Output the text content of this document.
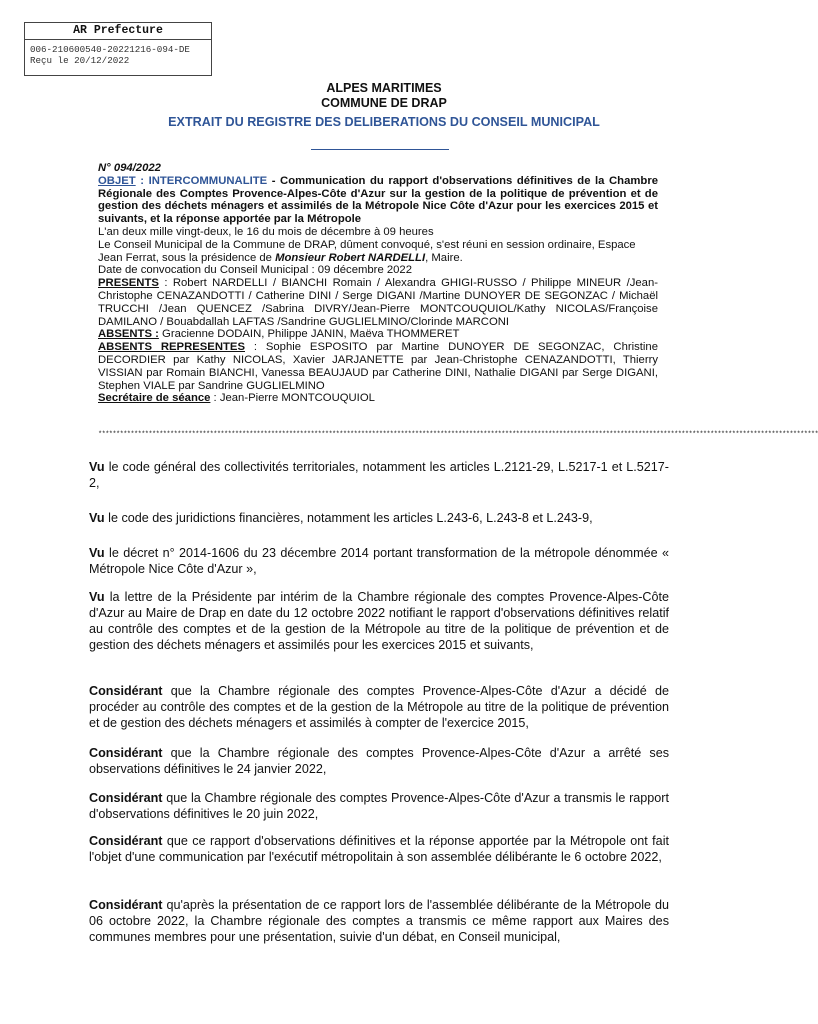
AR Prefecture
006-210600540-20221216-094-DE
Reçu le 20/12/2022
ALPES MARITIMES
COMMUNE DE DRAP
EXTRAIT DU REGISTRE DES DELIBERATIONS DU CONSEIL MUNICIPAL

N° 094/2022

OBJET : INTERCOMMUNALITE - Communication du rapport d'observations définitives de la Chambre Régionale des Comptes Provence-Alpes-Côte d'Azur sur la gestion de la politique de prévention et de gestion des déchets ménagers et assimilés de la Métropole Nice Côte d'Azur pour les exercices 2015 et suivants, et la réponse apportée par la Métropole

L'an deux mille vingt-deux, le 16 du mois de décembre à 09 heures

Le Conseil Municipal de la Commune de DRAP, dûment convoqué, s'est réuni en session ordinaire, Espace Jean Ferrat, sous la présidence de Monsieur Robert NARDELLI, Maire.

Date de convocation du Conseil Municipal : 09 décembre 2022

PRESENTS : Robert NARDELLI / BIANCHI Romain / Alexandra GHIGI-RUSSO / Philippe MINEUR /Jean-Christophe CENAZANDOTTI / Catherine DINI / Serge DIGANI /Martine DUNOYER DE SEGONZAC / Michaël TRUCCHI /Jean QUENCEZ /Sabrina DIVRY/Jean-Pierre MONTCOUQUIOL/Kathy NICOLAS/Françoise DAMILANO / Bouabdallah LAFTAS /Sandrine GUGLIELMINO/Clorinde MARCONI

ABSENTS : Gracienne DODAIN, Philippe JANIN, Maëva THOMMERET

ABSENTS REPRESENTES : Sophie ESPOSITO par Martine DUNOYER DE SEGONZAC, Christine DECORDIER par Kathy NICOLAS, Xavier JARJANETTE par Jean-Christophe CENAZANDOTTI, Thierry VISSIAN par Romain BIANCHI, Vanessa BEAUJAUD par Catherine DINI, Nathalie DIGANI par Serge DIGANI, Stephen VIALE par Sandrine GUGLIELMINO

Secrétaire de séance : Jean-Pierre MONTCOUQUIOL

********************************************************************************************************************************************************************************************************

Vu le code général des collectivités territoriales, notamment les articles L.2121-29, L.5217-1 et L.5217-2,

Vu le code des juridictions financières, notamment les articles L.243-6, L.243-8 et L.243-9,

Vu le décret n° 2014-1606 du 23 décembre 2014 portant transformation de la métropole dénommée « Métropole Nice Côte d'Azur »,

Vu la lettre de la Présidente par intérim de la Chambre régionale des comptes Provence-Alpes-Côte d'Azur au Maire de Drap en date du 12 octobre 2022 notifiant le rapport d'observations définitives relatif au contrôle des comptes et de la gestion de la Métropole au titre de la politique de prévention et de gestion des déchets ménagers et assimilés pour les exercices 2015 et suivants,

Considérant que la Chambre régionale des comptes Provence-Alpes-Côte d'Azur a décidé de procéder au contrôle des comptes et de la gestion de la Métropole au titre de la politique de prévention et de gestion des déchets ménagers et assimilés à compter de l'exercice 2015,

Considérant que la Chambre régionale des comptes Provence-Alpes-Côte d'Azur a arrêté ses observations définitives le 24 janvier 2022,

Considérant que la Chambre régionale des comptes Provence-Alpes-Côte d'Azur a transmis le rapport d'observations définitives le 20 juin 2022,

Considérant que ce rapport d'observations définitives et la réponse apportée par la Métropole ont fait l'objet d'une communication par l'exécutif métropolitain à son assemblée délibérante le 6 octobre 2022,

Considérant qu'après la présentation de ce rapport lors de l'assemblée délibérante de la Métropole du 06 octobre 2022, la Chambre régionale des comptes a transmis ce même rapport aux Maires des communes membres pour une présentation, suivie d'un débat, en Conseil municipal,
